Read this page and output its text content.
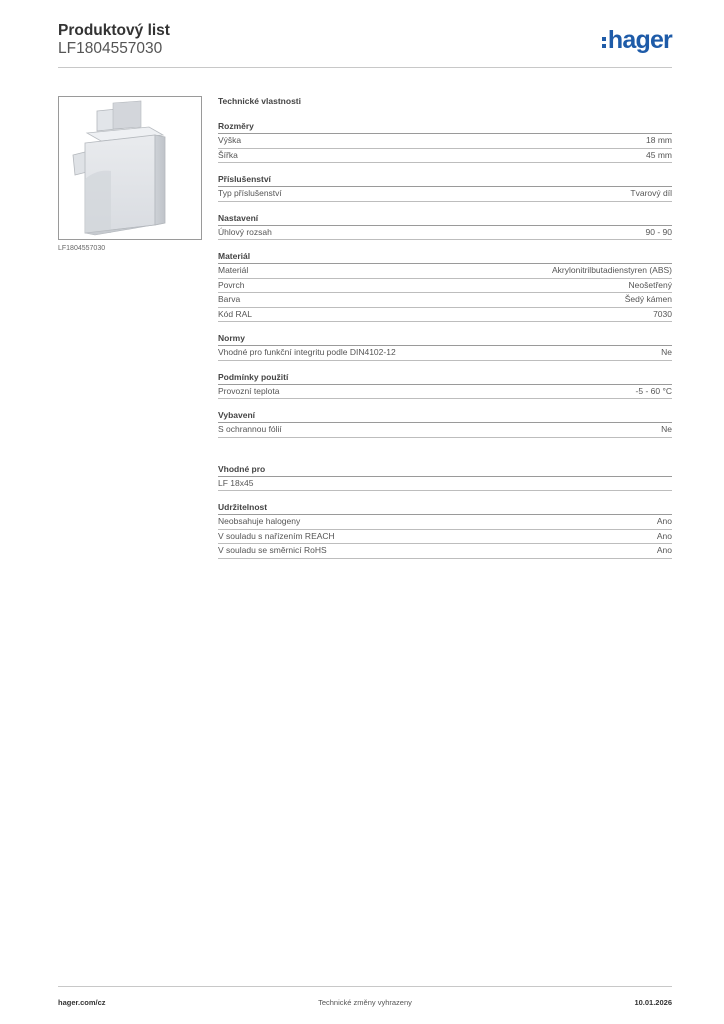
Produktový list
LF1804557030	hager
LF1804557030
Technické vlastnosti
Rozměry
Výška	18 mm
Šířka	45 mm
Příslušenství
Typ příslušenství	Tvarový díl
Nastavení
Úhlový rozsah	90 - 90
Materiál
Materiál	Akrylonitrilbutadienstyren (ABS)
Povrch	Neošetřený
Barva	Šedý kámen
Kód RAL	7030
Normy
Vhodné pro funkční integritu podle DIN4102-12	Ne
Podmínky použití
Provozní teplota	-5 - 60 °C
Vybavení
S ochrannou fólií	Ne
Vhodné pro
LF 18x45
Udržitelnost
Neobsahuje halogeny	Ano
V souladu s nařízením REACH	Ano
V souladu se směrnicí RoHS	Ano
hager.com/cz	Technické změny vyhrazeny	10.01.2026
